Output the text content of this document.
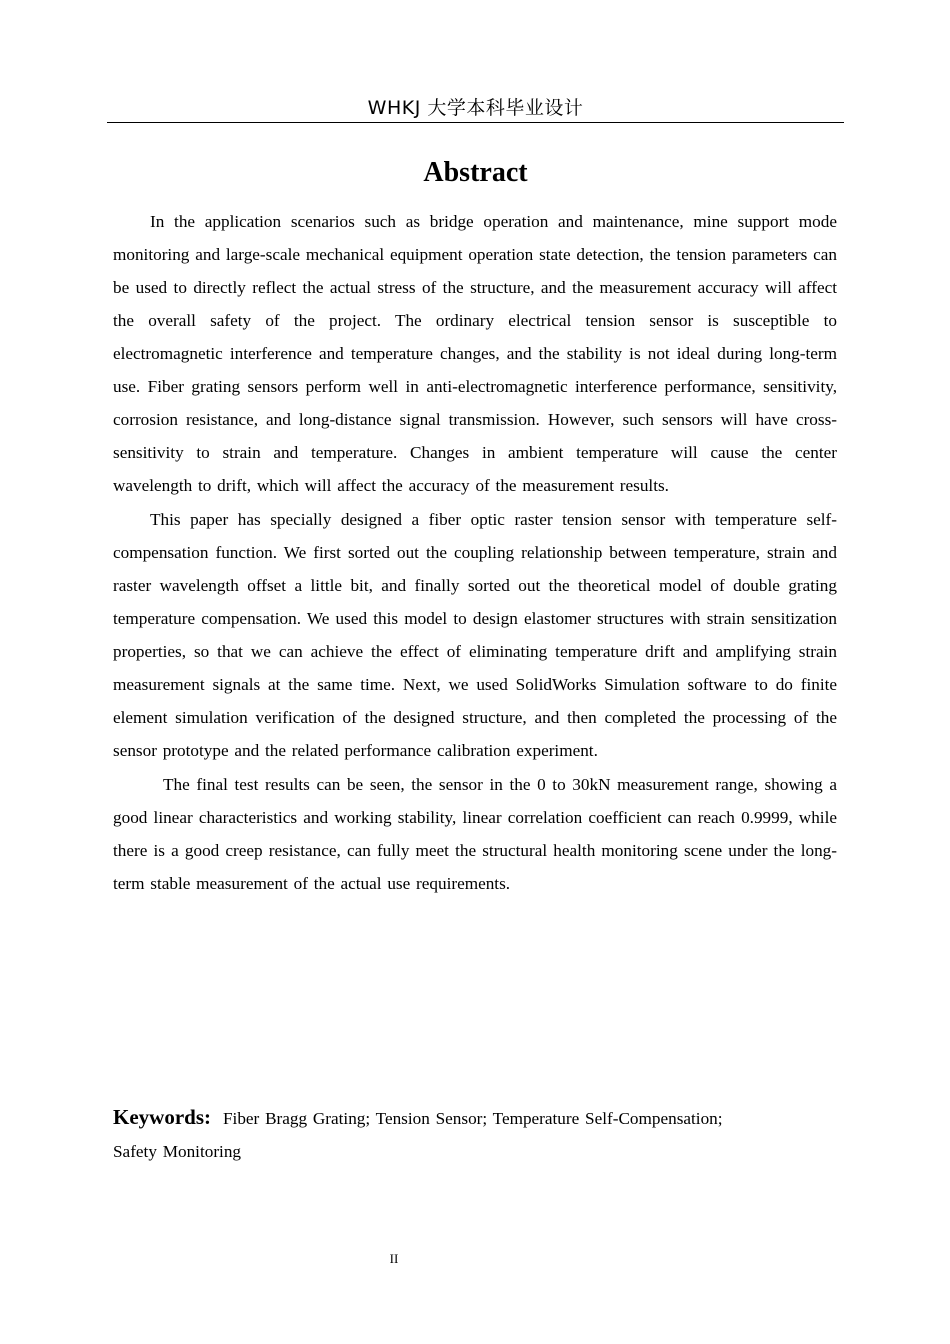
WHKJ 大学本科毕业设计
Abstract

In the application scenarios such as bridge operation and maintenance, mine support mode monitoring and large-scale mechanical equipment operation state detection, the tension parameters can be used to directly reflect the actual stress of the structure, and the measurement accuracy will affect the overall safety of the project. The ordinary electrical tension sensor is susceptible to electromagnetic interference and temperature changes, and the stability is not ideal during long-term use. Fiber grating sensors perform well in anti-electromagnetic interference performance, sensitivity, corrosion resistance, and long-distance signal transmission. However, such sensors will have cross-sensitivity to strain and temperature. Changes in ambient temperature will cause the center wavelength to drift, which will affect the accuracy of the measurement results.

This paper has specially designed a fiber optic raster tension sensor with temperature self-compensation function. We first sorted out the coupling relationship between temperature, strain and raster wavelength offset a little bit, and finally sorted out the theoretical model of double grating temperature compensation. We used this model to design elastomer structures with strain sensitization properties, so that we can achieve the effect of eliminating temperature drift and amplifying strain measurement signals at the same time. Next, we used SolidWorks Simulation software to do finite element simulation verification of the designed structure, and then completed the processing of the sensor prototype and the related performance calibration experiment.

The final test results can be seen, the sensor in the 0 to 30kN measurement range, showing a good linear characteristics and working stability, linear correlation coefficient can reach 0.9999, while there is a good creep resistance, can fully meet the structural health monitoring scene under the long-term stable measurement of the actual use requirements.

Keywords: Fiber Bragg Grating; Tension Sensor; Temperature Self-Compensation; Safety Monitoring
II
